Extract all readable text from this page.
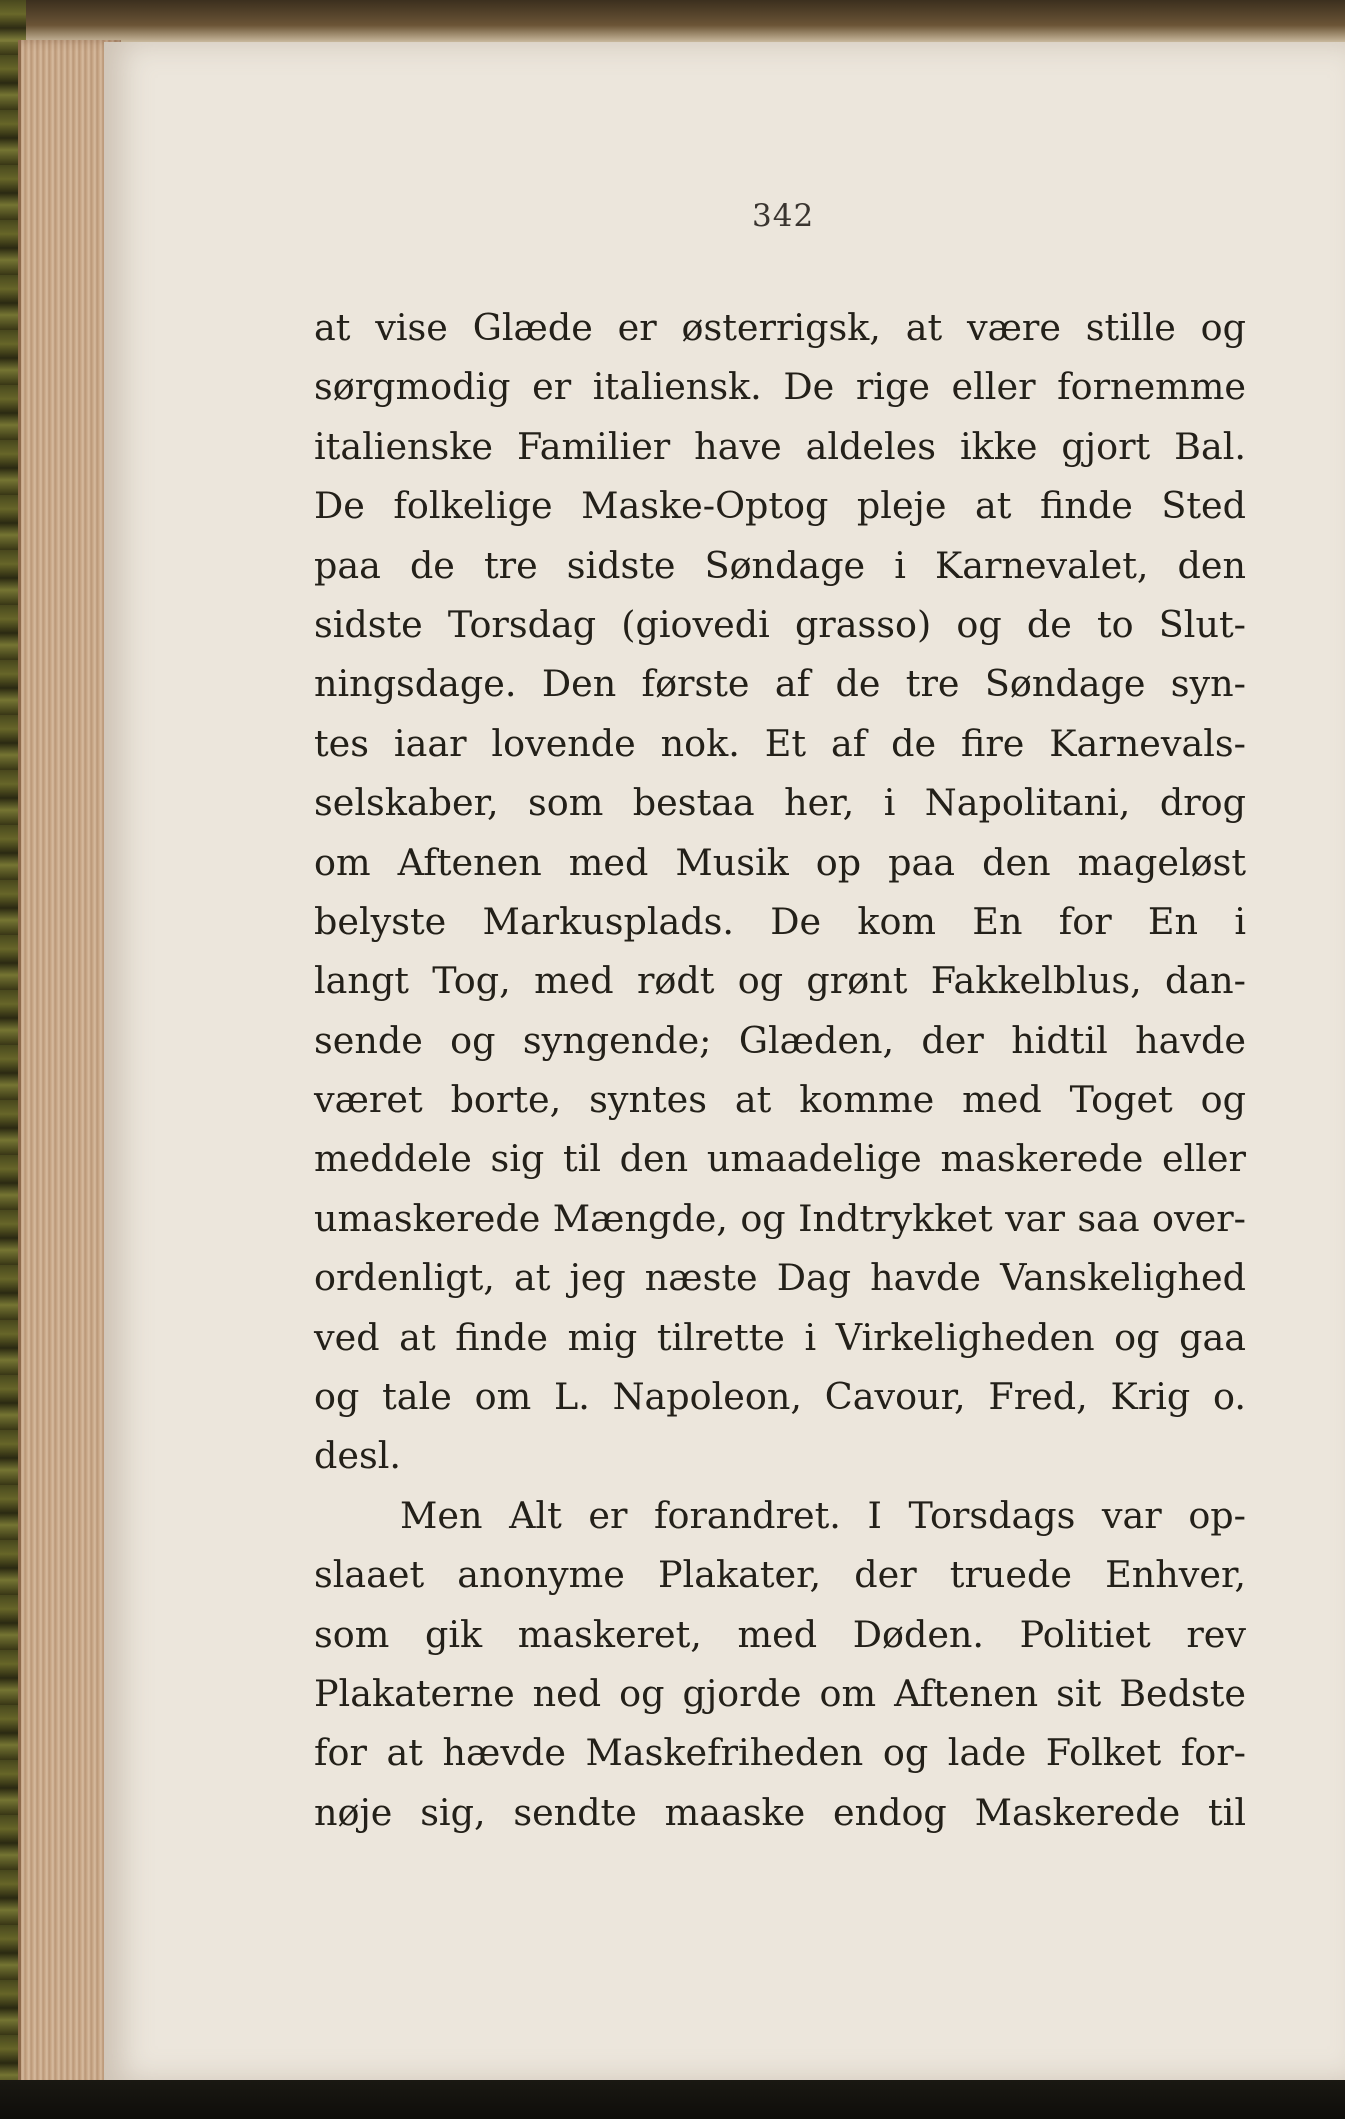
342
at vise Glæde er østerrigsk, at være stille og
sørgmodig er italiensk. De rige eller fornemme
italienske Familier have aldeles ikke gjort Bal.
De folkelige Maske-Optog pleje at finde Sted
paa de tre sidste Søndage i Karnevalet, den
sidste Torsdag (giovedi grasso) og de to Slut-
ningsdage. Den første af de tre Søndage syn-
tes iaar lovende nok. Et af de fire Karnevals-
selskaber, som bestaa her, i Napolitani, drog
om Aftenen med Musik op paa den mageløst
belyste Markusplads. De kom En for En i
langt Tog, med rødt og grønt Fakkelblus, dan-
sende og syngende; Glæden, der hidtil havde
været borte, syntes at komme med Toget og
meddele sig til den umaadelige maskerede eller
umaskerede Mængde, og Indtrykket var saa over-
ordenligt, at jeg næste Dag havde Vanskelighed
ved at finde mig tilrette i Virkeligheden og gaa
og tale om L. Napoleon, Cavour, Fred, Krig o.
desl.
Men Alt er forandret. I Torsdags var op-
slaaet anonyme Plakater, der truede Enhver,
som gik maskeret, med Døden. Politiet rev
Plakaterne ned og gjorde om Aftenen sit Bedste
for at hævde Maskefriheden og lade Folket for-
nøje sig, sendte maaske endog Maskerede til
